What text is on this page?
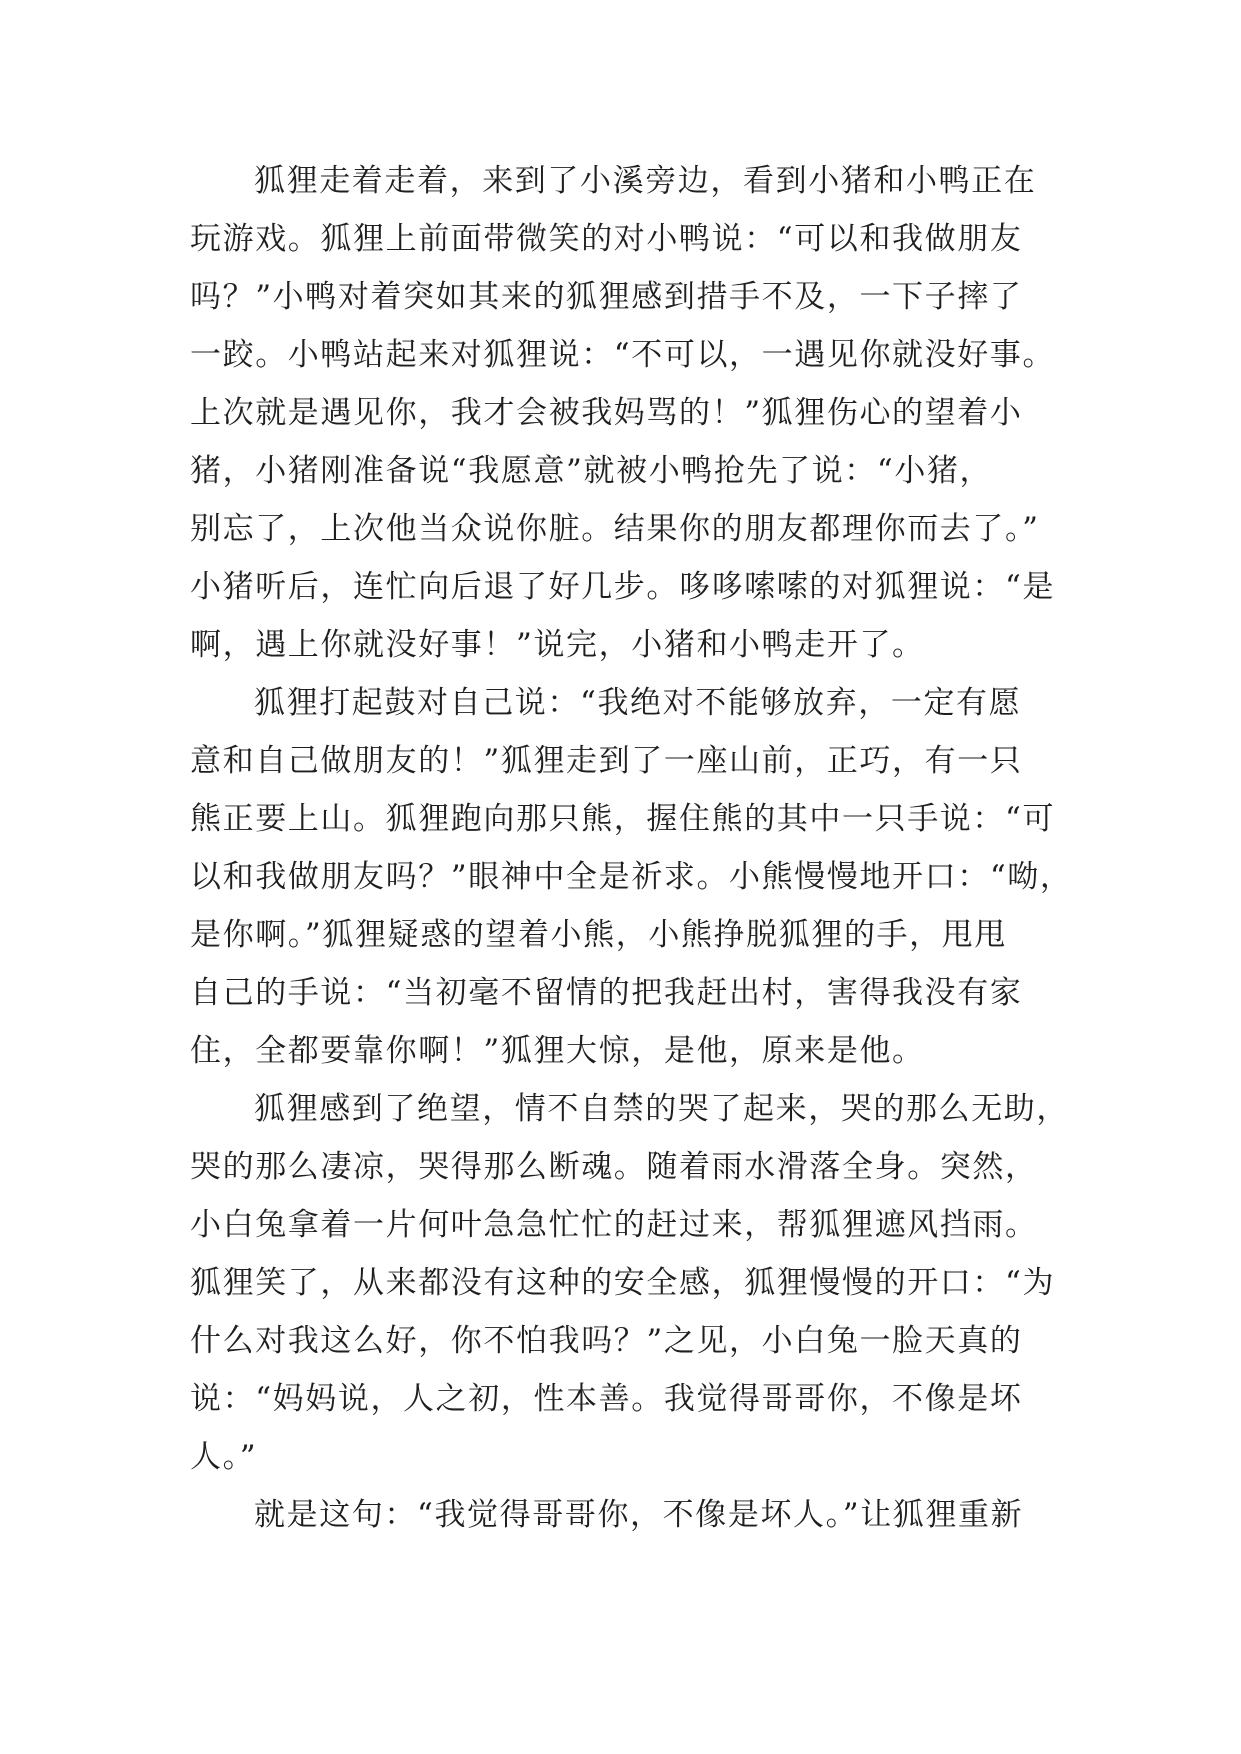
狐狸走着走着，来到了小溪旁边，看到小猪和小鸭正在
玩游戏。狐狸上前面带微笑的对小鸭说：“可以和我做朋友
吗？”小鸭对着突如其来的狐狸感到措手不及，一下子摔了
一跤。小鸭站起来对狐狸说：“不可以，一遇见你就没好事。
上次就是遇见你，我才会被我妈骂的！”狐狸伤心的望着小
猪，小猪刚准备说“我愿意”就被小鸭抢先了说：“小猪，
别忘了，上次他当众说你脏。结果你的朋友都理你而去了。”
小猪听后，连忙向后退了好几步。哆哆嗦嗦的对狐狸说：“是
啊，遇上你就没好事！”说完，小猪和小鸭走开了。
狐狸打起鼓对自己说：“我绝对不能够放弃，一定有愿
意和自己做朋友的！”狐狸走到了一座山前，正巧，有一只
熊正要上山。狐狸跑向那只熊，握住熊的其中一只手说：“可
以和我做朋友吗？”眼神中全是祈求。小熊慢慢地开口：“呦，
是你啊。”狐狸疑惑的望着小熊，小熊挣脱狐狸的手，甩甩
自己的手说：“当初毫不留情的把我赶出村，害得我没有家
住，全都要靠你啊！”狐狸大惊，是他，原来是他。
狐狸感到了绝望，情不自禁的哭了起来，哭的那么无助，
哭的那么凄凉，哭得那么断魂。随着雨水滑落全身。突然，
小白兔拿着一片何叶急急忙忙的赶过来，帮狐狸遮风挡雨。
狐狸笑了，从来都没有这种的安全感，狐狸慢慢的开口：“为
什么对我这么好，你不怕我吗？”之见，小白兔一脸天真的
说：“妈妈说，人之初，性本善。我觉得哥哥你，不像是坏
人。”
就是这句：“我觉得哥哥你，不像是坏人。”让狐狸重新
